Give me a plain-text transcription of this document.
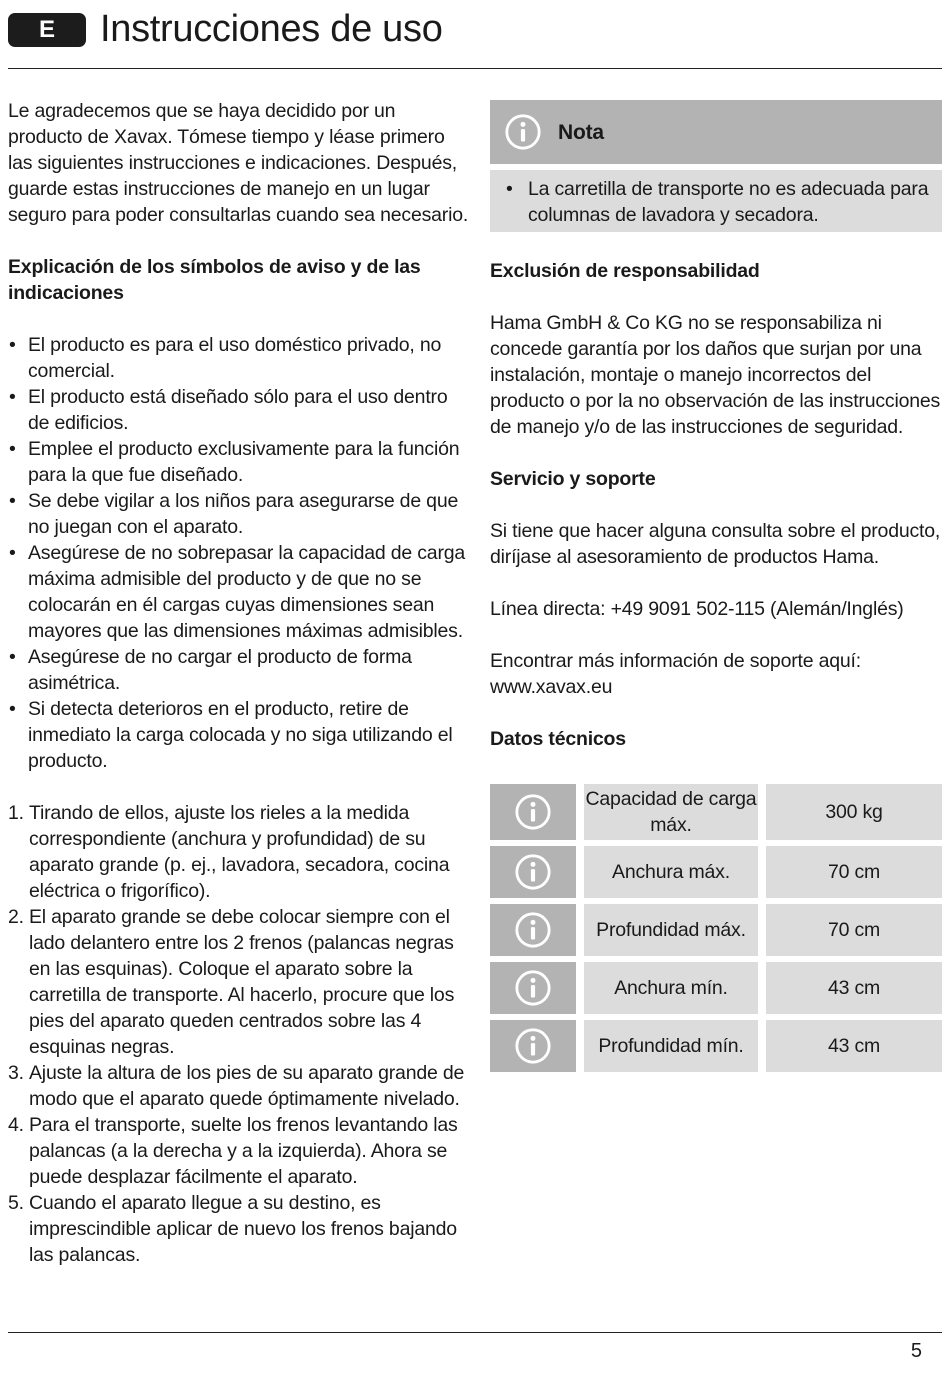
E	Instrucciones de uso

Le agradecemos que se haya decidido por un producto de Xavax. Tómese tiempo y léase primero las siguientes instrucciones e indicaciones. Después, guarde estas instrucciones de manejo en un lugar seguro para poder consultarlas cuando sea necesario.

Explicación de los símbolos de aviso y de las indicaciones

• El producto es para el uso doméstico privado, no comercial.
• El producto está diseñado sólo para el uso dentro de edificios.
• Emplee el producto exclusivamente para la función para la que fue diseñado.
• Se debe vigilar a los niños para asegurarse de que no juegan con el aparato.
• Asegúrese de no sobrepasar la capacidad de carga máxima admisible del producto y de que no se colocarán en él cargas cuyas dimensiones sean mayores que las dimensiones máximas admisibles.
• Asegúrese de no cargar el producto de forma asimétrica.
• Si detecta deterioros en el producto, retire de inmediato la carga colocada y no siga utilizando el producto.
1. Tirando de ellos, ajuste los rieles a la medida correspondiente (anchura y profundidad) de su aparato grande (p. ej., lavadora, secadora, cocina eléctrica o frigorífico).
2. El aparato grande se debe colocar siempre con el lado delantero entre los 2 frenos (palancas negras en las esquinas). Coloque el aparato sobre la carretilla de transporte. Al hacerlo, procure que los pies del aparato queden centrados sobre las 4 esquinas negras.
3. Ajuste la altura de los pies de su aparato grande de modo que el aparato quede óptimamente nivelado.
4. Para el transporte, suelte los frenos levantando las palancas (a la derecha y a la izquierda). Ahora se puede desplazar fácilmente el aparato.
5. Cuando el aparato llegue a su destino, es imprescindible aplicar de nuevo los frenos bajando las palancas.
Nota
• La carretilla de transporte no es adecuada para columnas de lavadora y secadora.

Exclusión de responsabilidad

Hama GmbH & Co KG no se responsabiliza ni concede garantía por los daños que surjan por una instalación, montaje o manejo incorrectos del producto o por la no observación de las instrucciones de manejo y/o de las instrucciones de seguridad.

Servicio y soporte

Si tiene que hacer alguna consulta sobre el producto, diríjase al asesoramiento de productos Hama.

Línea directa: +49 9091 502-115 (Alemán/Inglés)

Encontrar más información de soporte aquí:

www.xavax.eu

Datos técnicos

	Capacidad de carga máx.	300 kg

	Anchura máx.	70 cm

	Profundidad máx.	70 cm

	Anchura mín.	43 cm

	Profundidad mín.	43 cm
5
